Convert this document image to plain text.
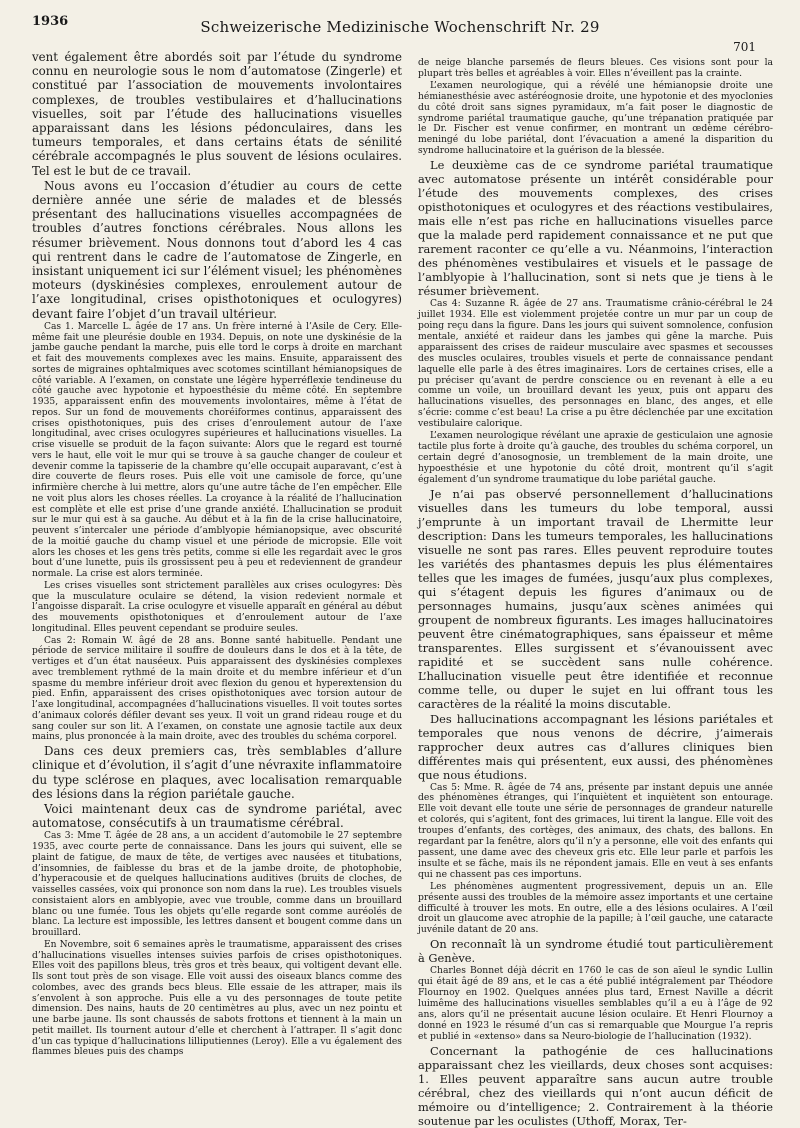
1936	Schweizerische Medizinische Wochenschrift Nr. 29
701

vent également être abordés soit par l’étude du syndrome connu en neurologie sous le nom d’automatose (Zingerle) et constitué par l’association de mouvements involontaires complexes, de troubles vestibulaires et d’hallucinations visuelles, soit par l’étude des hallucinations visuelles apparaissant dans les lésions pédonculaires, dans les tumeurs temporales, et dans certains états de sénilité cérébrale accompagnés le plus souvent de lésions oculaires. Tel est le but de ce travail.

Nous avons eu l’occasion d’étudier au cours de cette dernière année une série de malades et de blessés présentant des hallucinations visuelles accompagnées de troubles d’autres fonctions cérébrales. Nous allons les résumer brièvement. Nous donnons tout d’abord les 4 cas qui rentrent dans le cadre de l’automatose de Zingerle, en insistant uniquement ici sur l’élément visuel; les phénomènes moteurs (dyskinésies complexes, enroulement autour de l’axe longitudinal, crises opisthotoniques et oculogyres) devant faire l’objet d’un travail ultérieur.

Cas 1. Marcelle L. âgée de 17 ans. Un frère interné à l’Asile de Cery. Elle-même fait une pleurésie double en 1934. Depuis, on note une dyskinésie de la jambe gauche pendant la marche, puis elle tord le corps à droite en marchant et fait des mouvements complexes avec les mains. Ensuite, apparaissent des sortes de migraines ophtalmiques avec scotomes scintillant hémianopsiques de côté variable. A l’examen, on constate une légère hyperréflexie tendineuse du côté gauche avec hypotonie et hypoesthésie du même côté. En septembre 1935, apparaissent enfin des mouvements involontaires, même à l’état de repos. Sur un fond de mouvements choréiformes continus, apparaissent des crises opisthotoniques, puis des crises d’enroulement autour de l’axe longitudinal, avec crises oculogyres supérieures et hallucinations visuelles. La crise visuelle se produit de la façon suivante: Alors que le regard est tourné vers le haut, elle voit le mur qui se trouve à sa gauche changer de couleur et devenir comme la tapisserie de la chambre qu’elle occupait auparavant, c’est à dire couverte de fleurs roses. Puis elle voit une camisole de force, qu’une infirmière cherche à lui mettre, alors qu’une autre tâche de l’en empêcher. Elle ne voit plus alors les choses réelles. La croyance à la réalité de l’hallucination est complète et elle est prise d’une grande anxiété. L’hallucination se produit sur le mur qui est à sa gauche. Au début et à la fin de la crise hallucinatoire, peuvent s’intercaler une période d’amblyopie hémianopsique, avec obscurité de la moitié gauche du champ visuel et une période de micropsie. Elle voit alors les choses et les gens très petits, comme si elle les regardait avec le gros bout d’une lunette, puis ils grossissent peu à peu et redeviennent de grandeur normale. La crise est alors terminée.

Les crises visuelles sont strictement parallèles aux crises oculogyres: Dès que la musculature oculaire se détend, la vision redevient normale et l’angoisse disparaît. La crise oculogyre et visuelle apparaît en général au début des mouvements opisthotoniques et d’enroulement autour de l’axe longitudinal. Elles peuvent cependant se produire seules.

Cas 2: Romain W. âgé de 28 ans. Bonne santé habituelle. Pendant une période de service militaire il souffre de douleurs dans le dos et à la tête, de vertiges et d’un état nauséeux. Puis apparaissent des dyskinésies complexes avec tremblement rythmé de la main droite et du membre inférieur et d’un spasme du membre inférieur droit avec flexion du genou et hyperextension du pied. Enfin, apparaissent des crises opisthotoniques avec torsion autour de l’axe longitudinal, accompagnées d’hallucinations visuelles. Il voit toutes sortes d’animaux colorés défiler devant ses yeux. Il voit un grand rideau rouge et du sang couler sur son lit. A l’examen, on constate une agnosie tactile aux deux mains, plus prononcée à la main droite, avec des troubles du schéma corporel.

Dans ces deux premiers cas, très semblables d’allure clinique et d’évolution, il s’agit d’une névraxite inflammatoire du type sclérose en plaques, avec localisation remarquable des lésions dans la région pariétale gauche.

Voici maintenant deux cas de syndrome pariétal, avec automatose, consécutifs à un traumatisme cérébral.

Cas 3: Mme T. âgée de 28 ans, a un accident d’automobile le 27 septembre 1935, avec courte perte de connaissance. Dans les jours qui suivent, elle se plaint de fatigue, de maux de tête, de vertiges avec nausées et titubations, d’insomnies, de faiblesse du bras et de la jambe droite, de photophobie, d’hyperacousie et de quelques hallucinations auditives (bruits de cloches, de vaisselles cassées, voix qui prononce son nom dans la rue). Les troubles visuels consistaient alors en amblyopie, avec vue trouble, comme dans un brouillard blanc ou une fumée. Tous les objets qu’elle regarde sont comme auréolés de blanc. La lecture est impossible, les lettres dansent et bougent comme dans un brouillard.

En Novembre, soit 6 semaines après le traumatisme, apparaissent des crises d’hallucinations visuelles intenses suivies parfois de crises opisthotoniques. Elles voit des papillons bleus, très gros et très beaux, qui voltigent devant elle. Ils sont tout près de son visage. Elle voit aussi des oiseaux blancs comme des colombes, avec des grands becs bleus. Elle essaie de les attraper, mais ils s’envolent à son approche. Puis elle a vu des personnages de toute petite dimension. Des nains, hauts de 20 centimètres au plus, avec un nez pointu et une barbe jaune. Ils sont chaussés de sabots frottons et tiennent à la main un petit maillet. Ils tournent autour d’elle et cherchent à l’attraper. Il s’agit donc d’un cas typique d’hallucinations lilliputiennes (Leroy). Elle a vu également des flammes bleues puis des champs

de neige blanche parsemés de fleurs bleues. Ces visions sont pour la plupart très belles et agréables à voir. Elles n’éveillent pas la crainte.

L’examen neurologique, qui a révélé une hémianopsie droite une hémianesthésie avec astéréognosie droite, une hypotonie et des myoclonies du côté droit sans signes pyramidaux, m’a fait poser le diagnostic de syndrome pariétal traumatique gauche, qu’une trépanation pratiquée par le Dr. Fischer est venue confirmer, en montrant un œdème cérébro-meningé du lobe pariétal, dont l’évacuation a amené la disparition du syndrome hallucinatoire et la guérison de la blessée.

Le deuxième cas de ce syndrome pariétal traumatique avec automatose présente un intérêt considérable pour l’étude des mouvements complexes, des crises opisthotoniques et oculogyres et des réactions vestibulaires, mais elle n’est pas riche en hallucinations visuelles parce que la malade perd rapidement connaissance et ne put que rarement raconter ce qu’elle a vu. Néanmoins, l’interaction des phénomènes vestibulaires et visuels et le passage de l’amblyopie à l’hallucination, sont si nets que je tiens à le résumer brièvement.

Cas 4: Suzanne R. âgée de 27 ans. Traumatisme crânio-cérébral le 24 juillet 1934. Elle est violemment projetée contre un mur par un coup de poing reçu dans la figure. Dans les jours qui suivent somnolence, confusion mentale, anxiété et raideur dans les jambes qui gêne la marche. Puis apparaissent des crises de raideur musculaire avec spasmes et secousses des muscles oculaires, troubles visuels et perte de connaissance pendant laquelle elle parle à des êtres imaginaires. Lors de certaines crises, elle a pu préciser qu’avant de perdre conscience ou en revenant à elle a eu comme un voile, un brouillard devant les yeux, puis ont apparu des hallucinations visuelles, des personnages en blanc, des anges, et elle s’écrie: comme c’est beau! La crise a pu être déclenchée par une excitation vestibulaire calorique.

L’examen neurologique révélant une apraxie de gesticulaion une agnosie tactile plus forte à droite qu’à gauche, des troubles du schéma corporel, un certain degré d’anosognosie, un tremblement de la main droite, une hypoesthésie et une hypotonie du côté droit, montrent qu’il s’agit également d’un syndrome traumatique du lobe pariétal gauche.

Je n’ai pas observé personnellement d’hallucinations visuelles dans les tumeurs du lobe temporal, aussi j’emprunte à un important travail de Lhermitte leur description: Dans les tumeurs temporales, les hallucinations visuelle ne sont pas rares. Elles peuvent reproduire toutes les variétés des phantasmes depuis les plus élémentaires telles que les images de fumées, jusqu’aux plus complexes, qui s’étagent depuis les figures d’animaux ou de personnages humains, jusqu’aux scènes animées qui groupent de nombreux figurants. Les images hallucinatoires peuvent être cinématographiques, sans épaisseur et même transparentes. Elles surgissent et s’évanouissent avec rapidité et se succèdent sans nulle cohérence. L’hallucination visuelle peut être identifiée et reconnue comme telle, ou duper le sujet en lui offrant tous les caractères de la réalité la moins discutable.

Des hallucinations accompagnant les lésions pariétales et temporales que nous venons de décrire, j’aimerais rapprocher deux autres cas d’allures cliniques bien différentes mais qui présentent, eux aussi, des phénomènes que nous étudions.

Cas 5: Mme. R. âgée de 74 ans, présente par instant depuis une année des phénomènes étranges, qui l’inquiètent et inquiètent son entourage. Elle voit devant elle toute une série de personnages de grandeur naturelle et colorés, qui s’agitent, font des grimaces, lui tirent la langue. Elle voit des troupes d’enfants, des cortèges, des animaux, des chats, des ballons. En regardant par la fenêtre, alors qu’il n’y a personne, elle voit des enfants qui passent, une dame avec des cheveux gris etc. Elle leur parle et parfois les insulte et se fâche, mais ils ne répondent jamais. Elle en veut à ses enfants qui ne chassent pas ces importuns.

Les phénomènes augmentent progressivement, depuis un an. Elle présente aussi des troubles de la mémoire assez importants et une certaine difficulté à trouver les mots. En outre, elle a des lésions oculaires. A l’œil droit un glaucome avec atrophie de la papille; à l’œil gauche, une cataracte juvénile datant de 20 ans.

On reconnaît là un syndrome étudié tout particulièrement à Genève.

Charles Bonnet déjà décrit en 1760 le cas de son aïeul le syndic Lullin qui était âgé de 89 ans, et le cas a été publié intégralement par Théodore Flournoy en 1902. Quelques années plus tard, Ernest Naville a décrit luimême des hallucinations visuelles semblables qu’il a eu à l’âge de 92 ans, alors qu’il ne présentait aucune lésion oculaire. Et Henri Flournoy a donné en 1923 le résumé d’un cas si remarquable que Mourgue l’a repris et publié in «extenso» dans sa Neuro-biologie de l’hallucination (1932).

Concernant la pathogénie de ces hallucinations apparaissant chez les vieillards, deux choses sont acquises: 1. Elles peuvent apparaître sans aucun autre trouble cérébral, chez des vieillards qui n’ont aucun déficit de mémoire ou d’intelligence; 2. Contrairement à la théorie soutenue par les oculistes (Uthoff, Morax, Ter-
